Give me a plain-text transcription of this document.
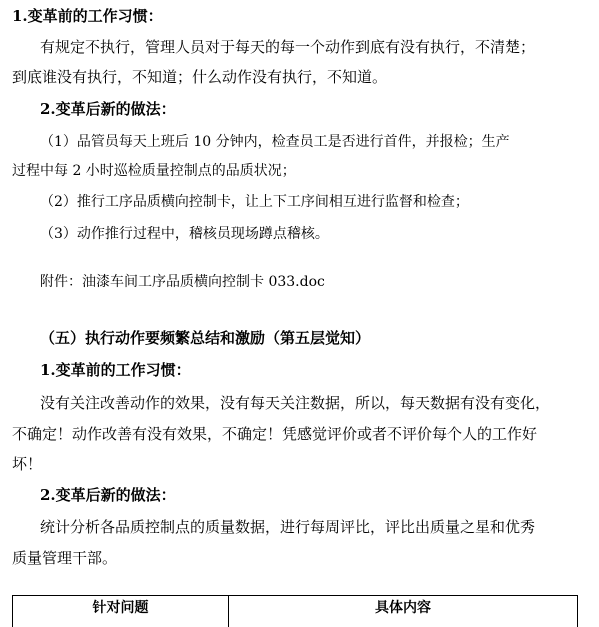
1.变革前的工作习惯：
有规定不执行，管理人员对于每天的每一个动作到底有没有执行，不清楚；
到底谁没有执行，不知道；什么动作没有执行，不知道。
2.变革后新的做法：
（1）品管员每天上班后 10 分钟内，检查员工是否进行首件，并报检；生产
过程中每 2 小时巡检质量控制点的品质状况；
（2）推行工序品质横向控制卡，让上下工序间相互进行监督和检查；
（3）动作推行过程中，稽核员现场蹲点稽核。
附件：油漆车间工序品质横向控制卡 033.doc
（五）执行动作要频繁总结和激励（第五层觉知）
1.变革前的工作习惯：
没有关注改善动作的效果，没有每天关注数据，所以，每天数据有没有变化，
不确定！动作改善有没有效果，不确定！凭感觉评价或者不评价每个人的工作好
坏！
2.变革后新的做法：
统计分析各品质控制点的质量数据，进行每周评比，评比出质量之星和优秀
质量管理干部。
针对问题	具体内容
